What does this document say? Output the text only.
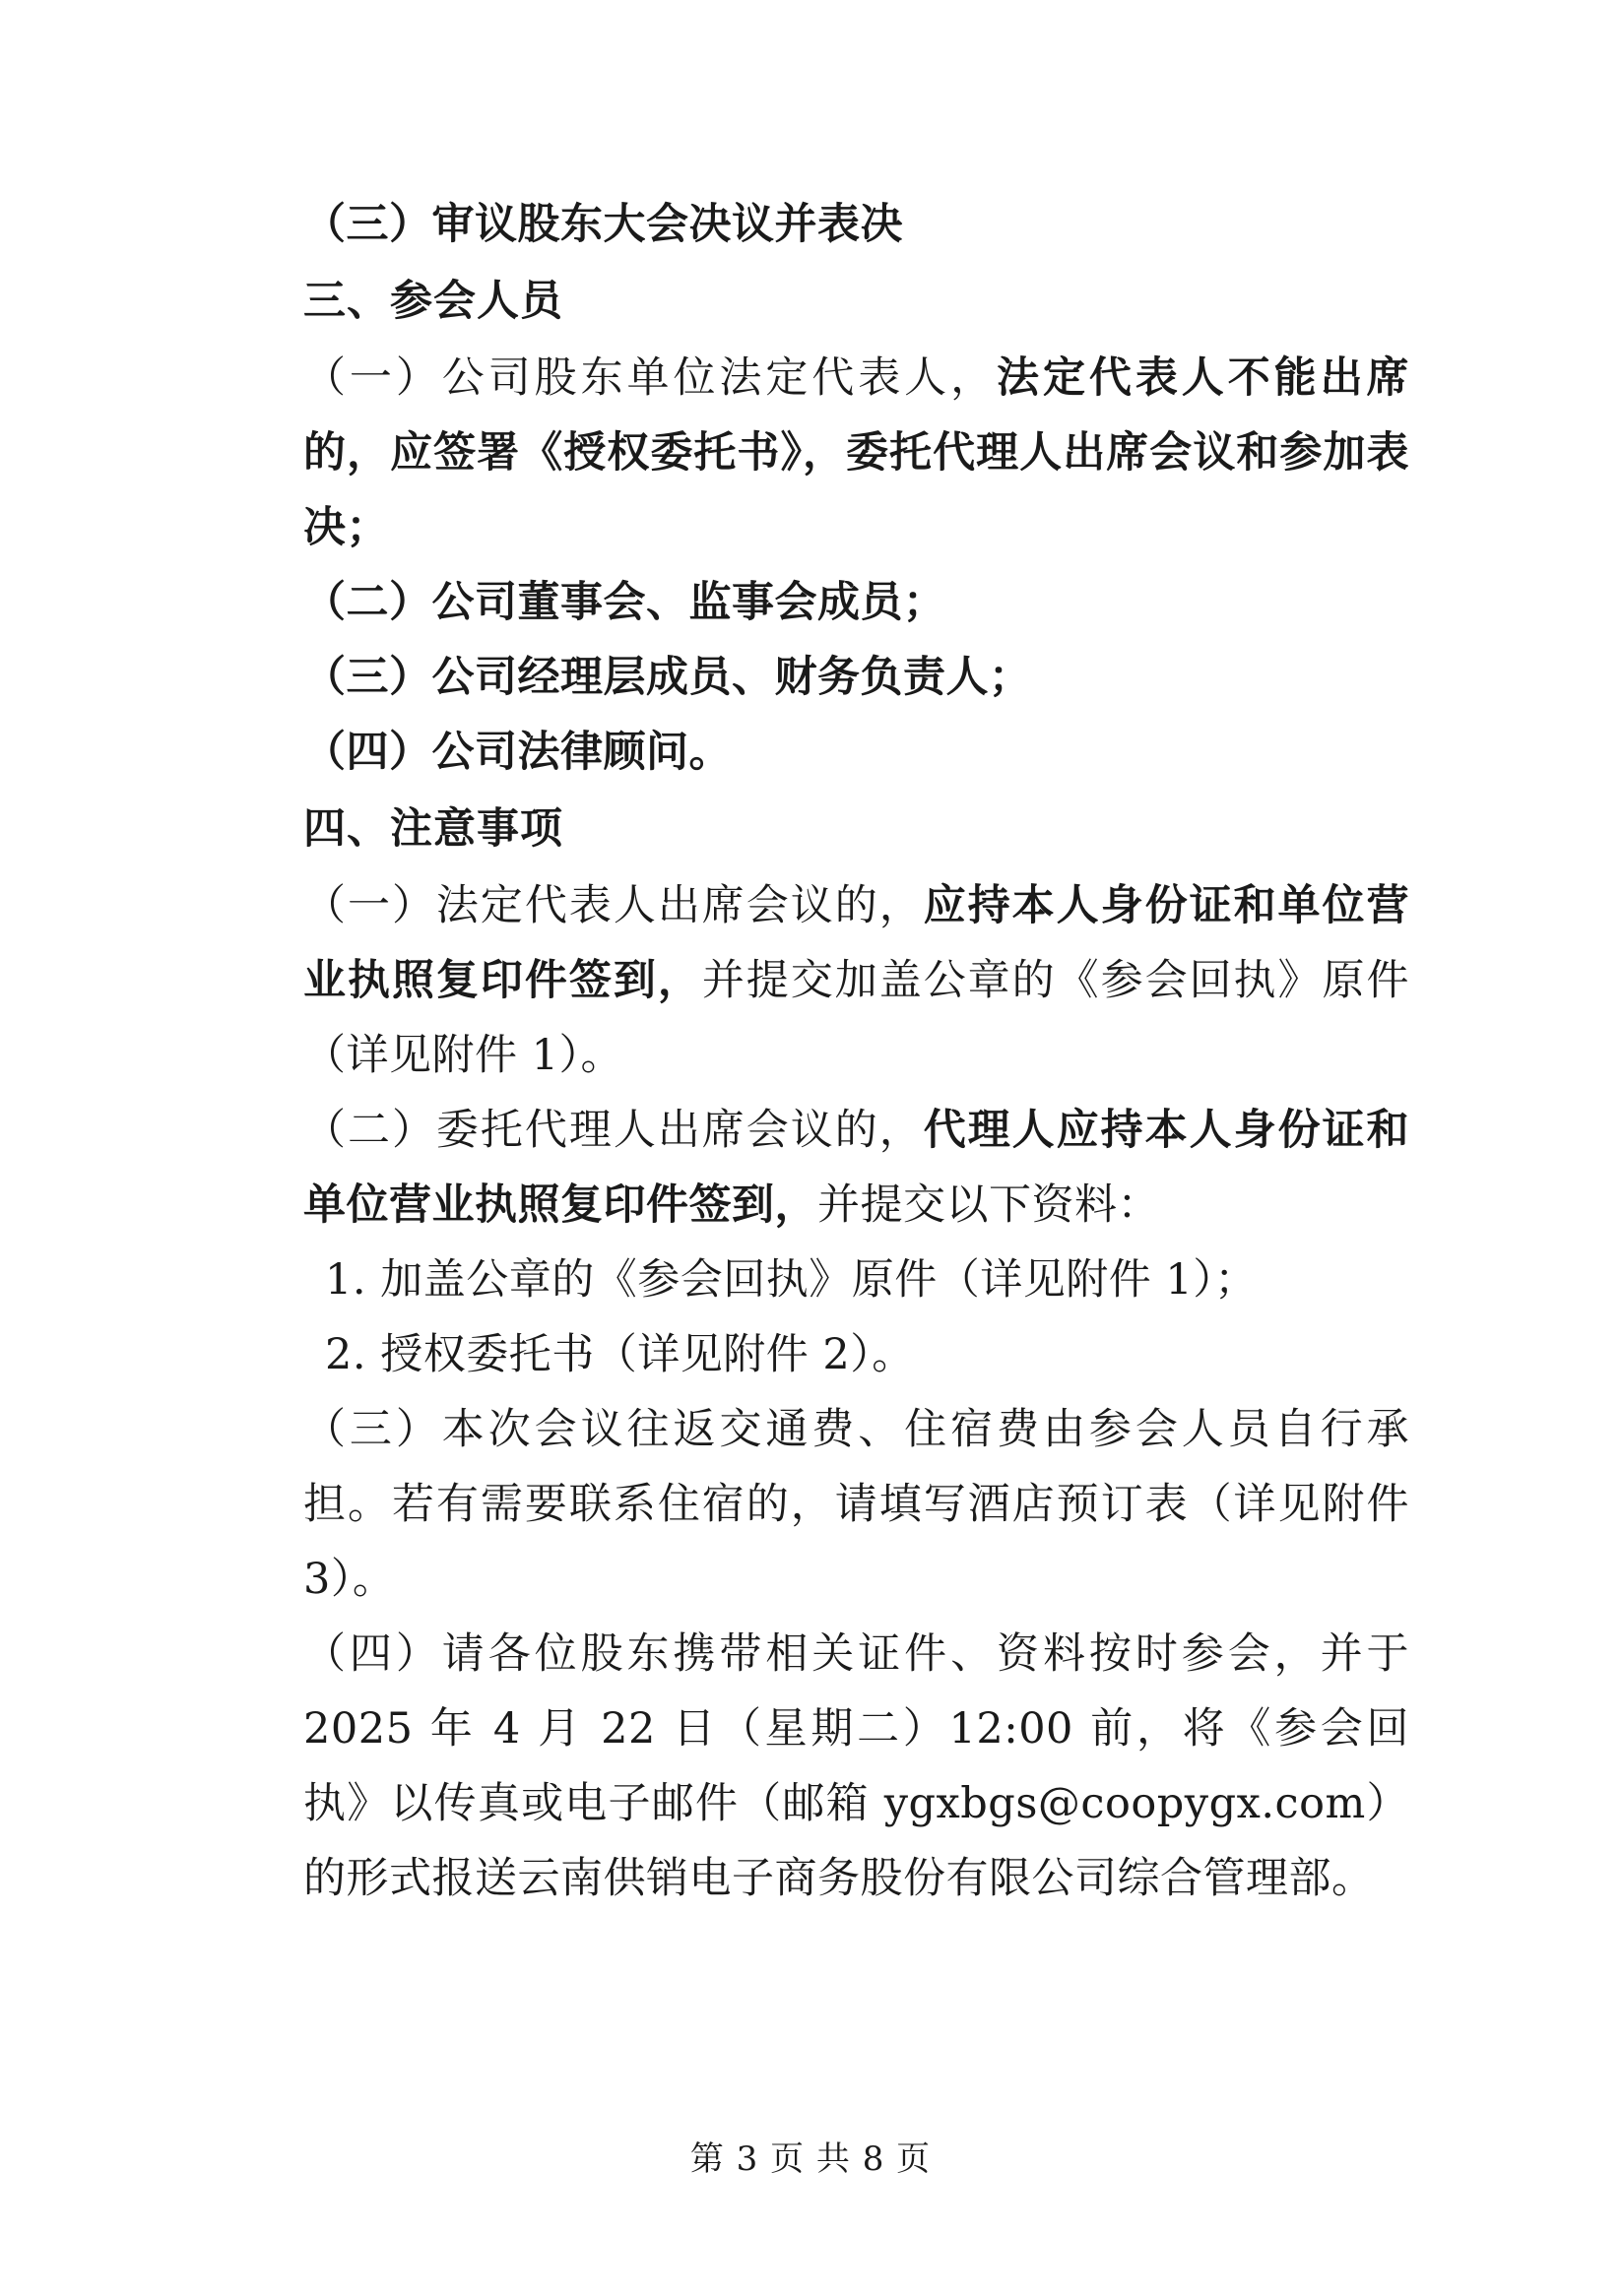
（三）审议股东大会决议并表决

三、参会人员

（一）公司股东单位法定代表人，法定代表人不能出席的，应签署《授权委托书》，委托代理人出席会议和参加表决；

（二）公司董事会、监事会成员；

（三）公司经理层成员、财务负责人；

（四）公司法律顾问。

四、注意事项

（一）法定代表人出席会议的，应持本人身份证和单位营业执照复印件签到，并提交加盖公章的《参会回执》原件（详见附件 1）。

（二）委托代理人出席会议的，代理人应持本人身份证和单位营业执照复印件签到，并提交以下资料：

1. 加盖公章的《参会回执》原件（详见附件 1）；

2. 授权委托书（详见附件 2）。

（三）本次会议往返交通费、住宿费由参会人员自行承担。若有需要联系住宿的，请填写酒店预订表（详见附件 3）。

（四）请各位股东携带相关证件、资料按时参会，并于 2025 年 4 月 22 日（星期二）12:00 前，将《参会回执》以传真或电子邮件（邮箱 ygxbgs@coopygx.com）的形式报送云南供销电子商务股份有限公司综合管理部。

第 3 页 共 8 页
